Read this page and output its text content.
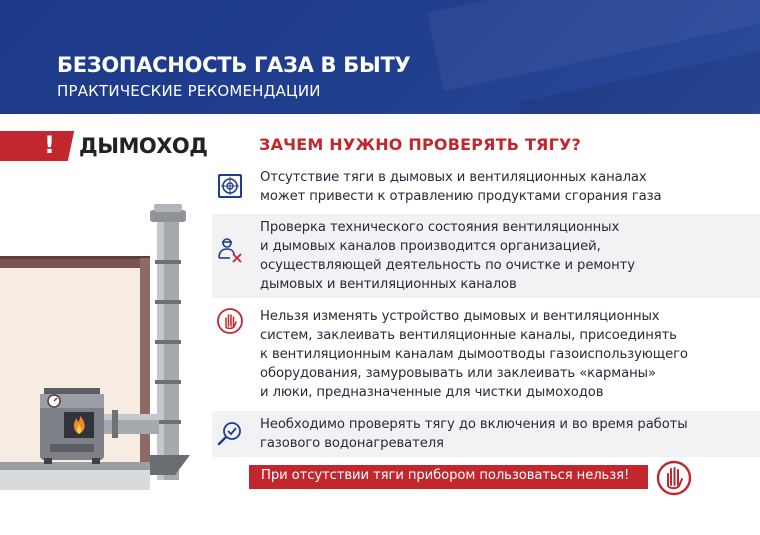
БЕЗОПАСНОСТЬ ГАЗА В БЫТУ
ПРАКТИЧЕСКИЕ РЕКОМЕНДАЦИИ
! ДЫМОХОД	ЗАЧЕМ НУЖНО ПРОВЕРЯТЬ ТЯГУ?
Отсутствие тяги в дымовых и вентиляционных каналах
может привести к отравлению продуктами сгорания газа
Проверка технического состояния вентиляционных
и дымовых каналов производится организацией,
осуществляющей деятельность по очистке и ремонту
дымовых и вентиляционных каналов
Нельзя изменять устройство дымовых и вентиляционных
систем, заклеивать вентиляционные каналы, присоединять
к вентиляционным каналам дымоотводы газоиспользующего
оборудования, замуровывать или заклеивать «карманы»
и люки, предназначенные для чистки дымоходов
Необходимо проверять тягу до включения и во время работы
газового водонагревателя
При отсутствии тяги прибором пользоваться нельзя!
